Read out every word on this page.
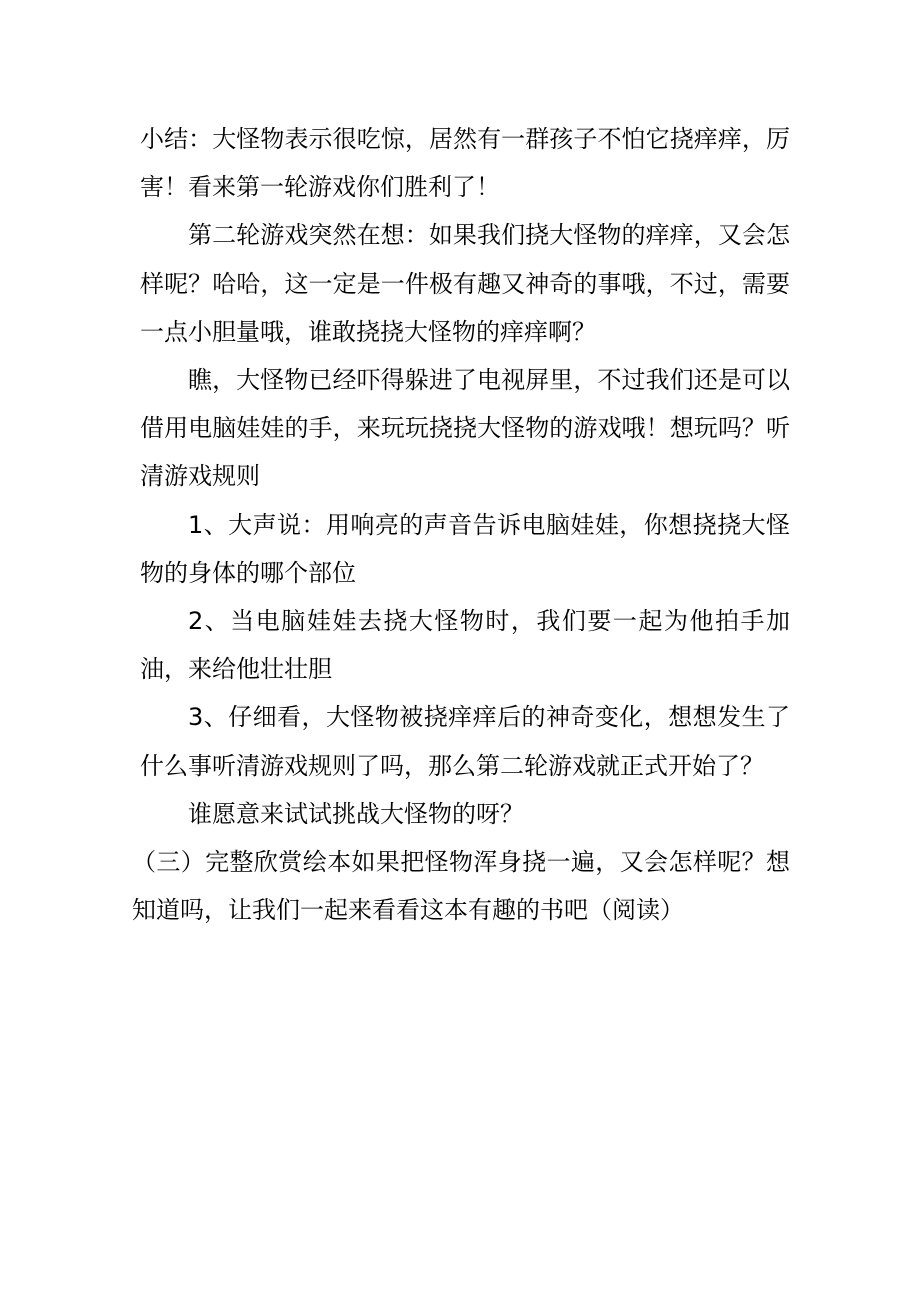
小结：大怪物表示很吃惊，居然有一群孩子不怕它挠痒痒，厉害！看来第一轮游戏你们胜利了！

第二轮游戏突然在想：如果我们挠大怪物的痒痒，又会怎样呢？哈哈，这一定是一件极有趣又神奇的事哦，不过，需要一点小胆量哦，谁敢挠挠大怪物的痒痒啊？

瞧，大怪物已经吓得躲进了电视屏里，不过我们还是可以借用电脑娃娃的手，来玩玩挠挠大怪物的游戏哦！想玩吗？听清游戏规则

1、大声说：用响亮的声音告诉电脑娃娃，你想挠挠大怪物的身体的哪个部位

2、当电脑娃娃去挠大怪物时，我们要一起为他拍手加油，来给他壮壮胆

3、仔细看，大怪物被挠痒痒后的神奇变化，想想发生了什么事听清游戏规则了吗，那么第二轮游戏就正式开始了？

谁愿意来试试挑战大怪物的呀？

（三）完整欣赏绘本如果把怪物浑身挠一遍，又会怎样呢？想知道吗，让我们一起来看看这本有趣的书吧（阅读）
